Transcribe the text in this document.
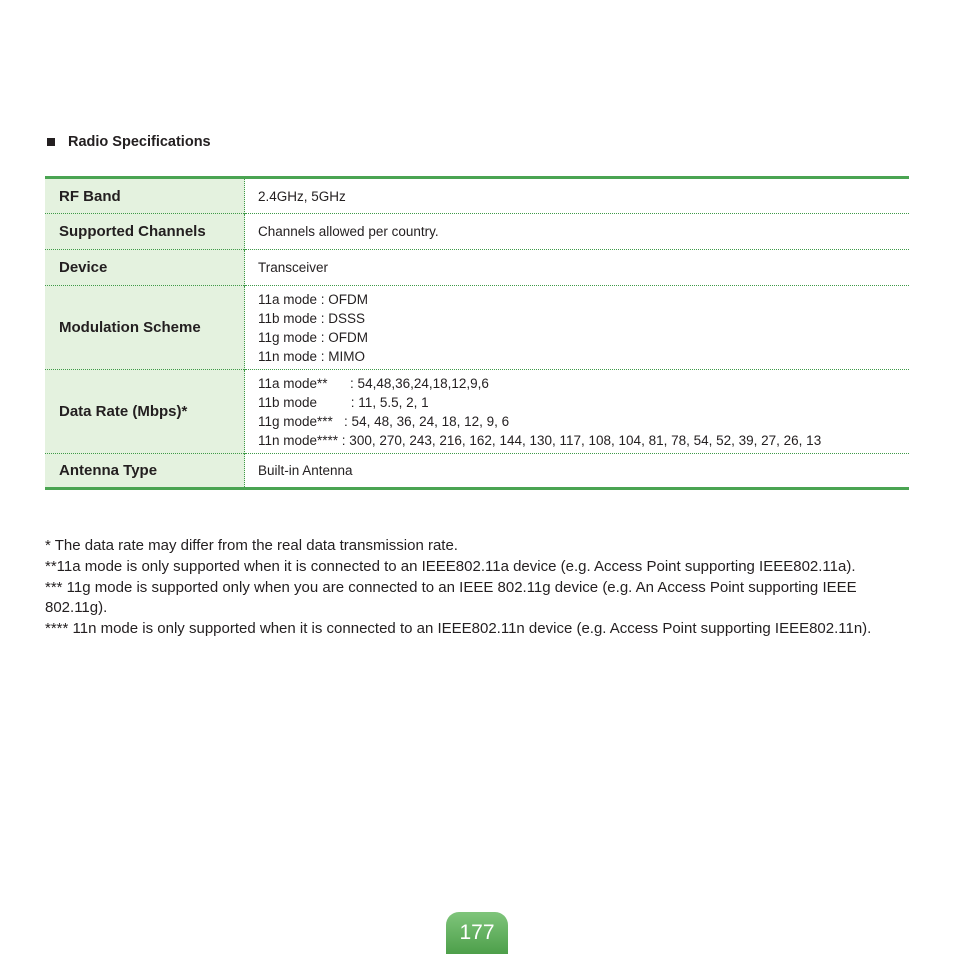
Radio Specifications
RF Band	2.4GHz, 5GHz

Supported Channels	Channels allowed per country.

Device	Transceiver

Modulation Scheme	11a mode : OFDM
11b mode : DSSS
11g mode : OFDM
11n mode : MIMO

Data Rate (Mbps)*	11a mode**      : 54,48,36,24,18,12,9,6
11b mode         : 11, 5.5, 2, 1
11g mode***   : 54, 48, 36, 24, 18, 12, 9, 6
11n mode**** : 300, 270, 243, 216, 162, 144, 130, 117, 108, 104, 81, 78, 54, 52, 39, 27, 26, 13

Antenna Type	Built-in Antenna
* The data rate may differ from the real data transmission rate.
**11a mode is only supported when it is connected to an IEEE802.11a device (e.g. Access Point supporting IEEE802.11a).
*** 11g mode is supported only when you are connected to an IEEE 802.11g device (e.g. An Access Point supporting IEEE 802.11g).
**** 11n mode is only supported when it is connected to an IEEE802.11n device (e.g. Access Point supporting IEEE802.11n).
177
